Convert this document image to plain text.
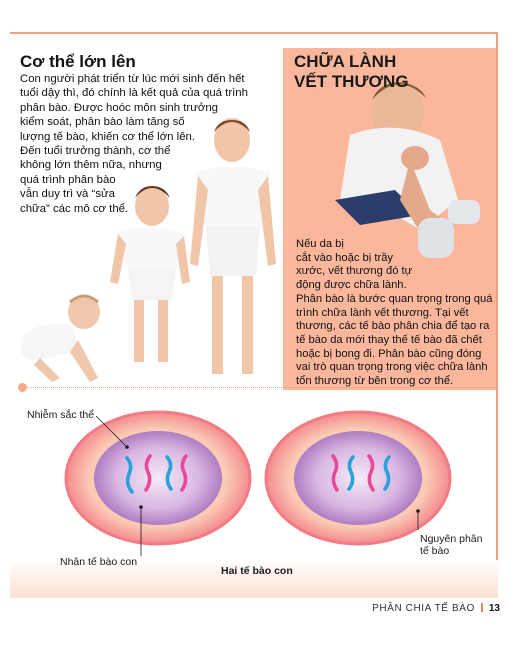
Cơ thể lớn lên
Con người phát triển từ lúc mới sinh đến hết
tuổi dậy thì, đó chính là kết quả của quá trình
phân bào. Được hoóc môn sinh trưởng
kiểm soát, phân bào làm tăng số
lượng tế bào, khiến cơ thể lớn lên.
Đến tuổi trưởng thành, cơ thể
không lớn thêm nữa, nhưng
quá trình phân bào
vẫn duy trì và “sửa
chữa” các mô cơ thể.
CHỮA LÀNH
VẾT THƯƠNG
Nếu da bị
cắt vào hoặc bị trầy
xước, vết thương đó tự
động được chữa lành.
Phân bào là bước quan trọng trong quá
trình chữa lành vết thương. Tại vết
thương, các tế bào phân chia để tạo ra
tế bào da mới thay thế tế bào đã chết
hoặc bị bong đi. Phân bào cũng đóng
vai trò quan trọng trong việc chữa lành
tổn thương từ bên trong cơ thể.
Nhiễm sắc thể
Nhân tế bào con
Nguyên phân
tế bào
Hai tế bào con
PHÂN CHIA TẾ BÀO 13
